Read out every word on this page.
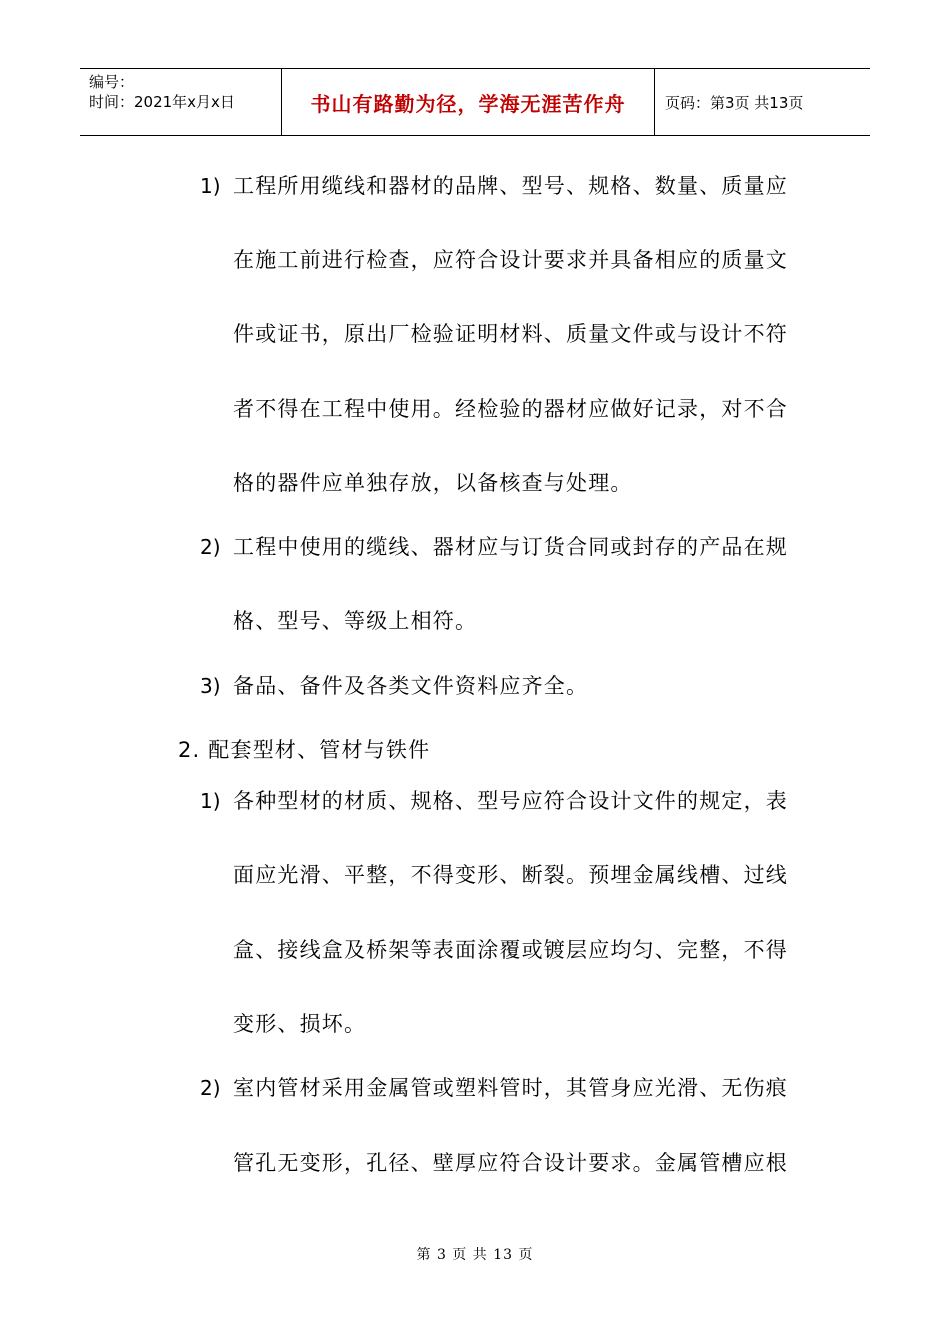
编号：
时间：2021年x月x日	书山有路勤为径，学海无涯苦作舟	页码：第3页 共13页
1) 工程所用缆线和器材的品牌、型号、规格、数量、质量应
在施工前进行检查，应符合设计要求并具备相应的质量文
件或证书，原出厂检验证明材料、质量文件或与设计不符
者不得在工程中使用。经检验的器材应做好记录，对不合
格的器件应单独存放，以备核查与处理。
2) 工程中使用的缆线、器材应与订货合同或封存的产品在规
格、型号、等级上相符。
3) 备品、备件及各类文件资料应齐全。
2. 配套型材、管材与铁件
1) 各种型材的材质、规格、型号应符合设计文件的规定，表
面应光滑、平整，不得变形、断裂。预埋金属线槽、过线
盒、接线盒及桥架等表面涂覆或镀层应均匀、完整，不得
变形、损坏。
2) 室内管材采用金属管或塑料管时，其管身应光滑、无伤痕
管孔无变形，孔径、壁厚应符合设计要求。金属管槽应根
第 3 页 共 13 页
